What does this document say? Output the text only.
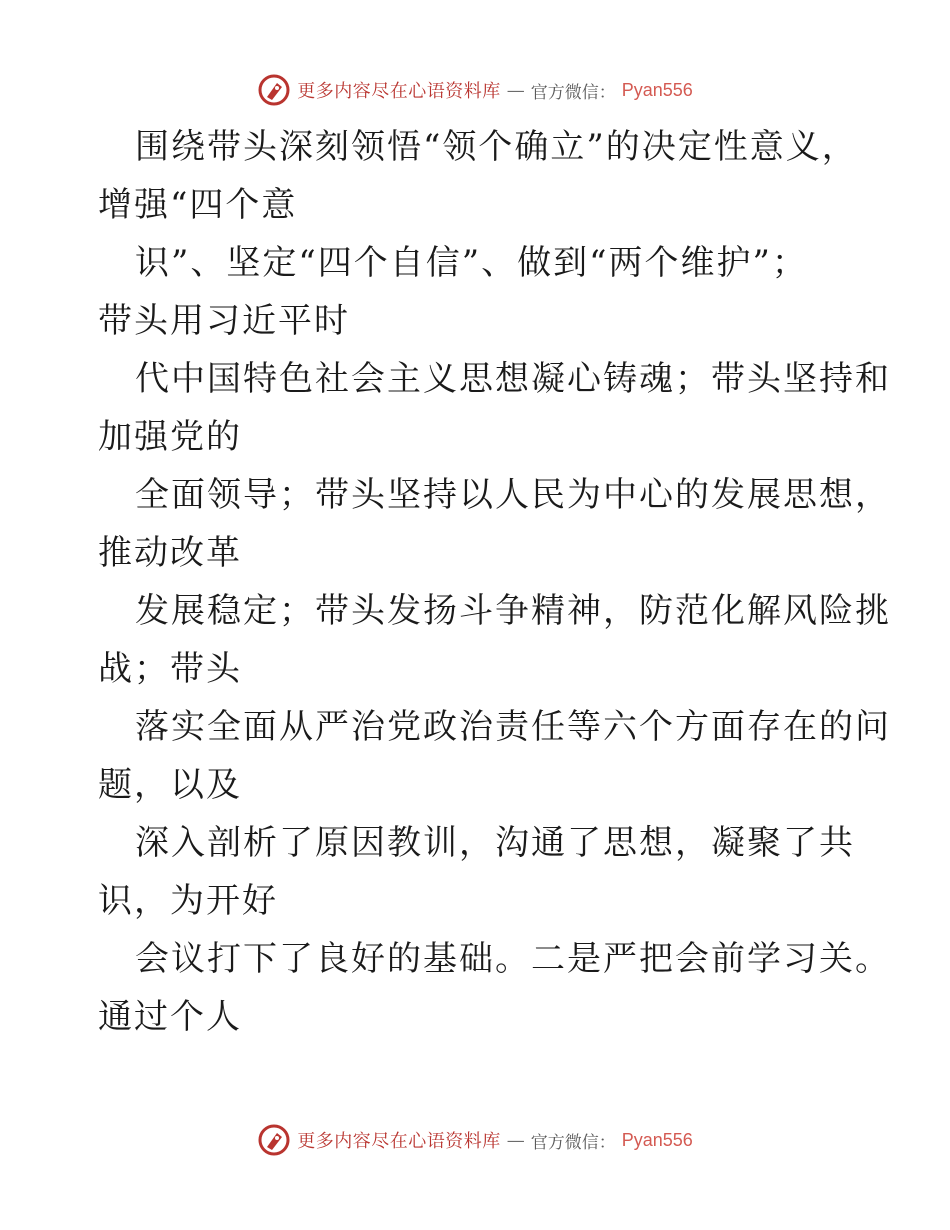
更多内容尽在心语资料库 — 官方微信： Pyan556
围绕带头深刻领悟“领个确立”的决定性意义，
增强“四个意
识”、坚定“四个自信”、做到“两个维护”；
带头用习近平时
代中国特色社会主义思想凝心铸魂；带头坚持和
加强党的
全面领导；带头坚持以人民为中心的发展思想，
推动改革
发展稳定；带头发扬斗争精神，防范化解风险挑
战；带头
落实全面从严治党政治责任等六个方面存在的问
题，以及
深入剖析了原因教训，沟通了思想，凝聚了共
识，为开好
会议打下了良好的基础。二是严把会前学习关。
通过个人
更多内容尽在心语资料库 — 官方微信： Pyan556
